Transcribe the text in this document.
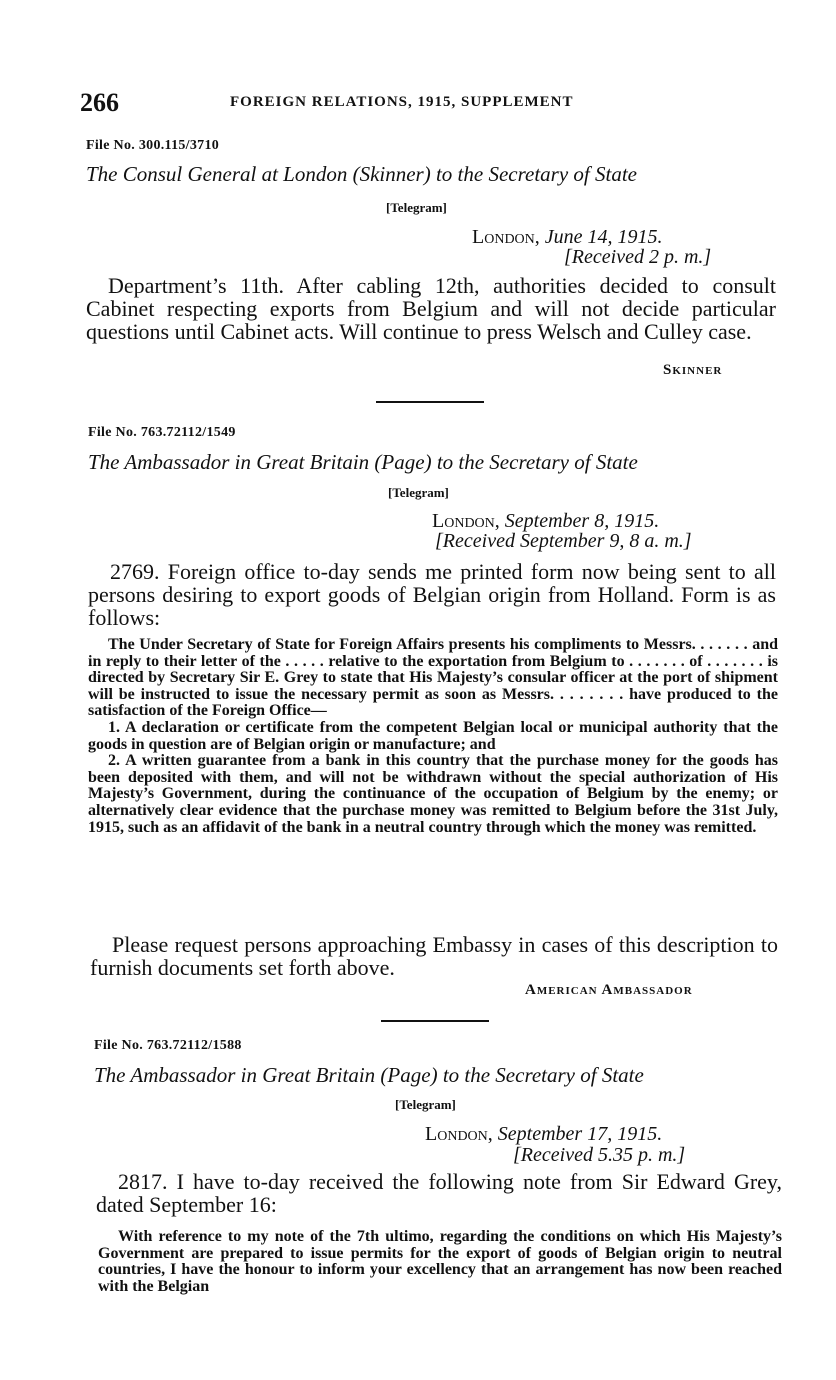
266	FOREIGN RELATIONS, 1915, SUPPLEMENT
File No. 300.115/3710
The Consul General at London (Skinner) to the Secretary of State
[Telegram]
London, June 14, 1915.
[Received 2 p. m.]

Department’s 11th. After cabling 12th, authorities decided to consult Cabinet respecting exports from Belgium and will not decide particular questions until Cabinet acts. Will continue to press Welsch and Culley case.

Skinner
File No. 763.72112/1549
The Ambassador in Great Britain (Page) to the Secretary of State
[Telegram]
London, September 8, 1915.
[Received September 9, 8 a. m.]

2769. Foreign office to-day sends me printed form now being sent to all persons desiring to export goods of Belgian origin from Holland. Form is as follows:

The Under Secretary of State for Foreign Affairs presents his compliments to Messrs. . . . . . . and in reply to their letter of the . . . . . relative to the exportation from Belgium to . . . . . . . of . . . . . . . is directed by Secretary Sir E. Grey to state that His Majesty’s consular officer at the port of shipment will be instructed to issue the necessary permit as soon as Messrs. . . . . . . . have produced to the satisfaction of the Foreign Office—

1. A declaration or certificate from the competent Belgian local or municipal authority that the goods in question are of Belgian origin or manufacture; and

2. A written guarantee from a bank in this country that the purchase money for the goods has been deposited with them, and will not be withdrawn without the special authorization of His Majesty’s Government, during the continuance of the occupation of Belgium by the enemy; or alternatively clear evidence that the purchase money was remitted to Belgium before the 31st July, 1915, such as an affidavit of the bank in a neutral country through which the money was remitted.

Please request persons approaching Embassy in cases of this description to furnish documents set forth above.

American Ambassador
File No. 763.72112/1588
The Ambassador in Great Britain (Page) to the Secretary of State
[Telegram]
London, September 17, 1915.
[Received 5.35 p. m.]

2817. I have to-day received the following note from Sir Edward Grey, dated September 16:

With reference to my note of the 7th ultimo, regarding the conditions on which His Majesty’s Government are prepared to issue permits for the export of goods of Belgian origin to neutral countries, I have the honour to inform your excellency that an arrangement has now been reached with the Belgian
